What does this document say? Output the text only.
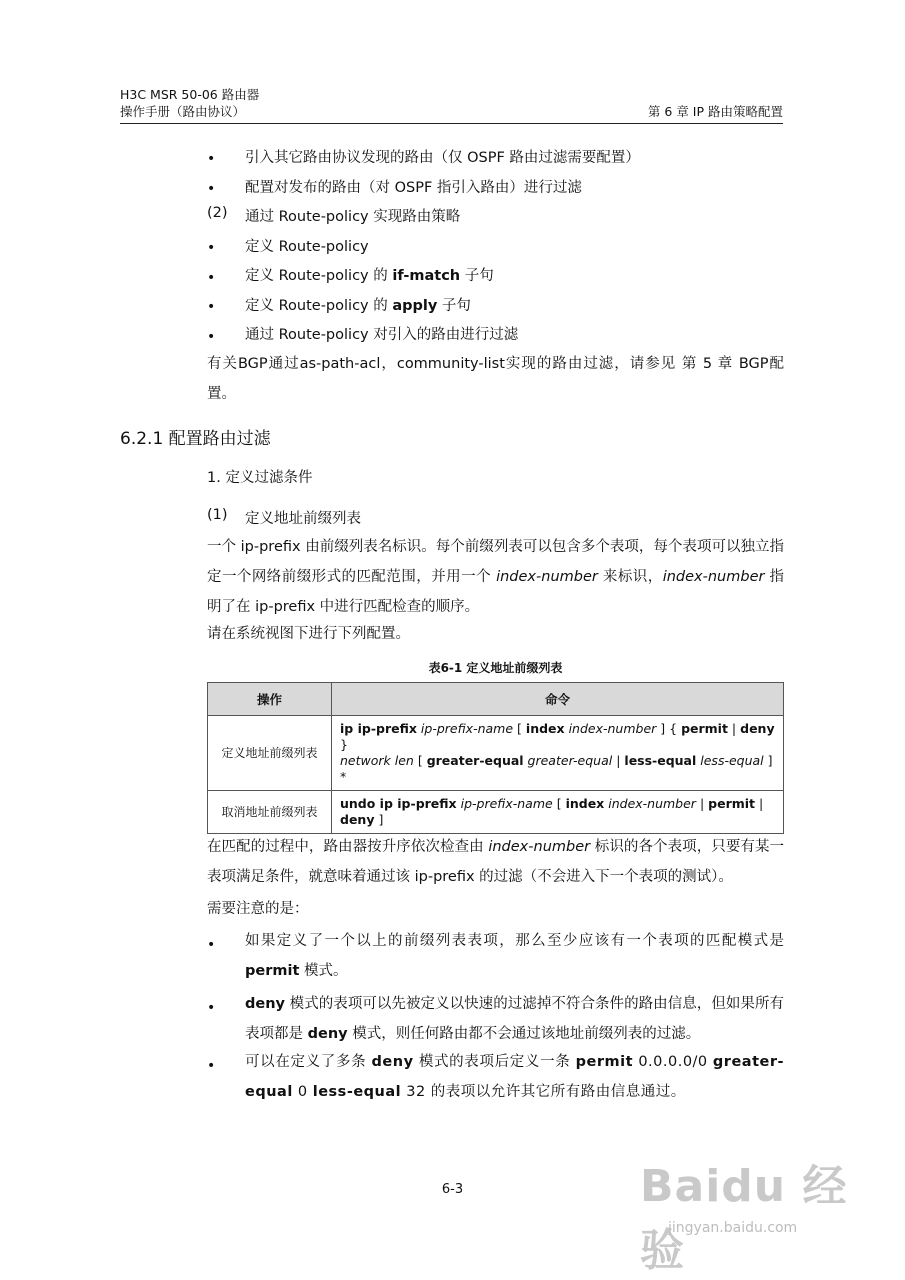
H3C MSR 50-06 路由器
操作手册（路由协议）	第 6 章 IP 路由策略配置
• 引入其它路由协议发现的路由（仅 OSPF 路由过滤需要配置）
• 配置对发布的路由（对 OSPF 指引入路由）进行过滤
(2) 通过 Route-policy 实现路由策略
• 定义 Route-policy
• 定义 Route-policy 的 if-match 子句
• 定义 Route-policy 的 apply 子句
• 通过 Route-policy 对引入的路由进行过滤
有关BGP通过as-path-acl，community-list实现的路由过滤，请参见 第 5 章 BGP配置。
6.2.1 配置路由过滤
1. 定义过滤条件
(1) 定义地址前缀列表
一个 ip-prefix 由前缀列表名标识。每个前缀列表可以包含多个表项，每个表项可以独立指定一个网络前缀形式的匹配范围，并用一个 index-number 来标识，index-number 指明了在 ip-prefix 中进行匹配检查的顺序。
请在系统视图下进行下列配置。
表6-1 定义地址前缀列表
操作	命令
定义地址前缀列表	ip ip-prefix ip-prefix-name [ index index-number ] { permit | deny }
network len [ greater-equal greater-equal | less-equal less-equal ] *
取消地址前缀列表	undo ip ip-prefix ip-prefix-name [ index index-number | permit |
deny ]
在匹配的过程中，路由器按升序依次检查由 index-number 标识的各个表项，只要有某一表项满足条件，就意味着通过该 ip-prefix 的过滤（不会进入下一个表项的测试）。
需要注意的是：
• 如果定义了一个以上的前缀列表表项，那么至少应该有一个表项的匹配模式是 permit 模式。
• deny 模式的表项可以先被定义以快速的过滤掉不符合条件的路由信息，但如果所有表项都是 deny 模式，则任何路由都不会通过该地址前缀列表的过滤。
• 可以在定义了多条 deny 模式的表项后定义一条 permit 0.0.0.0/0 greater-equal 0 less-equal 32 的表项以允许其它所有路由信息通过。
6-3	Baidu 经验
jingyan.baidu.com
